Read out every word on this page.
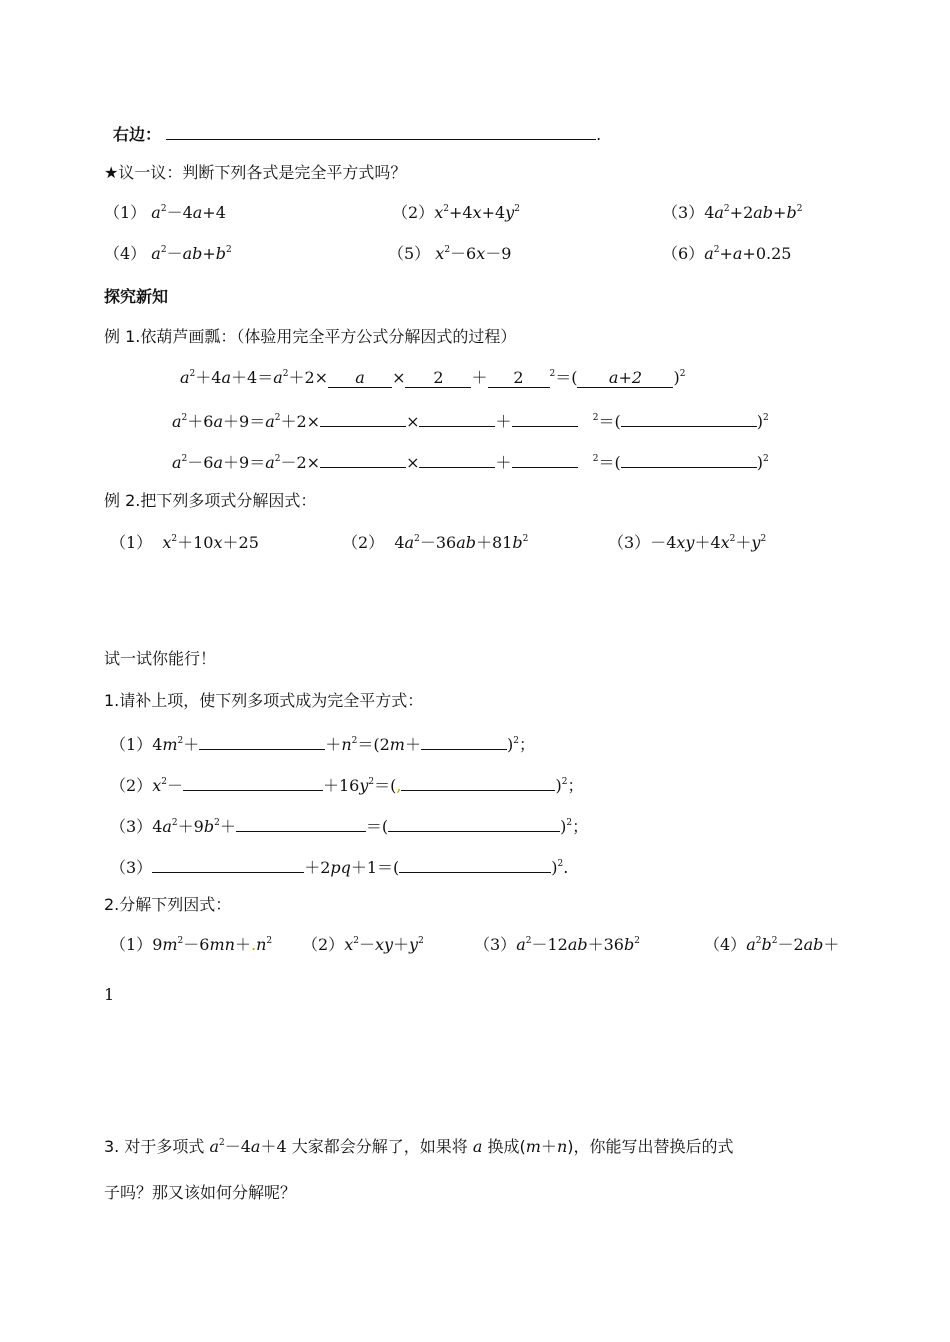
右边：	.
★议一议：判断下列各式是完全平方式吗？
（1） $a^2-4a+4$	$(2)x^2+4x+4y^2$	$(3)4a^2+2ab+b^2$
（4） $a^2-ab+b^2$	（5） $x^2-6x-9$	$(6)a^2+a+0.25$
探究新知
例 1.依葫芦画瓢：（体验用完全平方公式分解因式的过程）
$a^2+4a+4=a^2+2\times a \times 2 + 2$	$^2$＝( a+2 )$^2$
$a^2+6a+9=a^2+2\times$	×	＋	$^2$＝(	)$^2$
$a^2-6a+9=a^2-2\times$	×	＋	$^2$＝(	)$^2$
例 2.把下列多项式分解因式：
（1） $x^2+10x+25$	（2）  $4a^2-36ab+81b^2$	$(3)-4xy+4x^2+y^2$
试一试你能行！
1.请补上项，使下列多项式成为完全平方式：
$(1)4m^2+$	$+n^2=(2m+$	)$^2$；
$(2)x^2-$	$+16y^2=$(,	)$^2$；
$(3)4a^2+9b^2+$	＝(	)$^2$；
（3）	＋2pq＋1＝(	)$^2$.
2.分解下列因式：
$(1)9m^2-6mn+.n^2$ $(2)x^2-xy+y^2$	$(3)a^2-12ab+36b^2$	$(4)a^2b^2-2ab+$
1
3. 对于多项式 $a^2-4a+4$ 大家都会分解了，如果将 a 换成(m＋n)，你能写出替换后的式
子吗？那又该如何分解呢？
